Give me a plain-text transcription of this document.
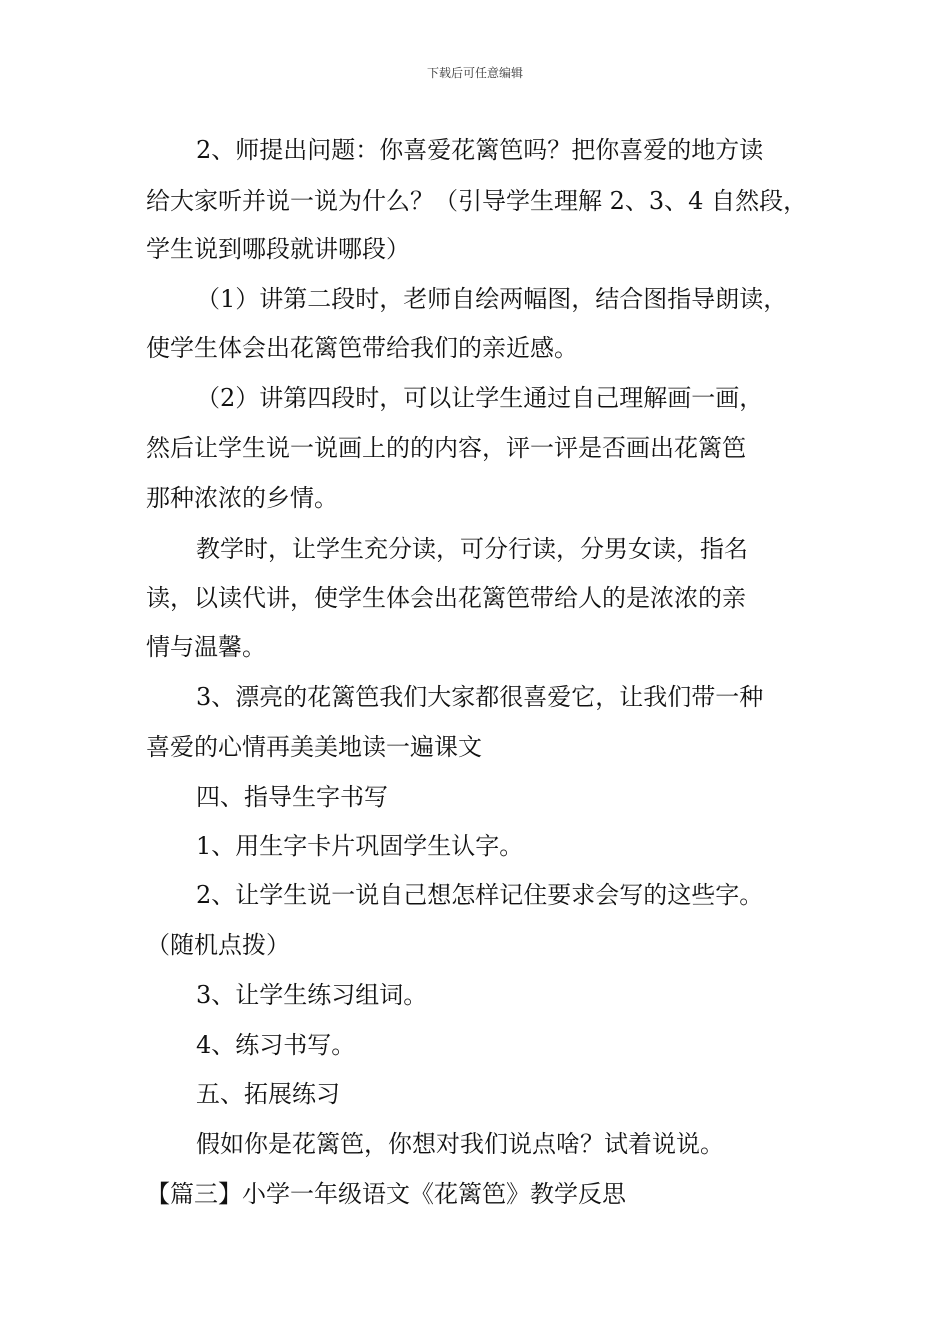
下载后可任意编辑
2、师提出问题：你喜爱花篱笆吗？把你喜爱的地方读
给大家听并说一说为什么？（引导学生理解 2、3、4 自然段，
学生说到哪段就讲哪段）
（1）讲第二段时，老师自绘两幅图，结合图指导朗读，
使学生体会出花篱笆带给我们的亲近感。
（2）讲第四段时，可以让学生通过自己理解画一画，
然后让学生说一说画上的的内容，评一评是否画出花篱笆
那种浓浓的乡情。
教学时，让学生充分读，可分行读，分男女读，指名
读，以读代讲，使学生体会出花篱笆带给人的是浓浓的亲
情与温馨。
3、漂亮的花篱笆我们大家都很喜爱它，让我们带一种
喜爱的心情再美美地读一遍课文
四、指导生字书写
1、用生字卡片巩固学生认字。
2、让学生说一说自己想怎样记住要求会写的这些字。
（随机点拨）
3、让学生练习组词。
4、练习书写。
五、拓展练习
假如你是花篱笆，你想对我们说点啥？试着说说。
【篇三】小学一年级语文《花篱笆》教学反思
